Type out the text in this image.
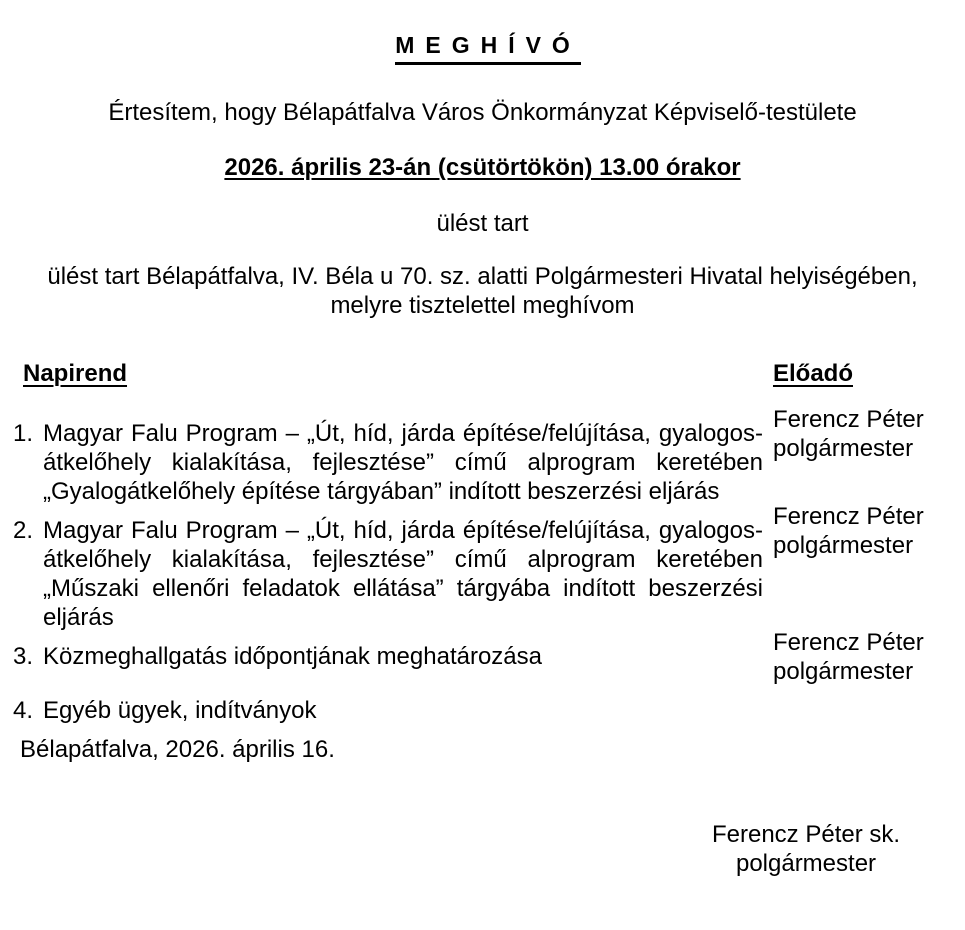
MEGHÍVÓ

Értesítem, hogy Bélapátfalva Város Önkormányzat Képviselő-testülete

2026. április 23-án (csütörtökön) 13.00 órakor

ülést tart

ülést tart Bélapátfalva, IV. Béla u 70. sz. alatti Polgármesteri Hivatal helyiségében, melyre tisztelettel meghívom

Napirend	Előadó
1. Magyar Falu Program – „Út, híd, járda építése/felújítása, gyalogos-átkelőhely kialakítása, fejlesztése” című alprogram keretében „Gyalogátkelőhely építése tárgyában” indított beszerzési eljárás
Ferencz Péter
polgármester
2. Magyar Falu Program – „Út, híd, járda építése/felújítása, gyalogos-átkelőhely kialakítása, fejlesztése” című alprogram keretében „Műszaki ellenőri feladatok ellátása” tárgyába indított beszerzési eljárás
Ferencz Péter
polgármester
3. Közmeghallgatás időpontjának meghatározása
Ferencz Péter
polgármester
4. Egyéb ügyek, indítványok

Bélapátfalva, 2026. április 16.

Ferencz Péter sk.
polgármester
